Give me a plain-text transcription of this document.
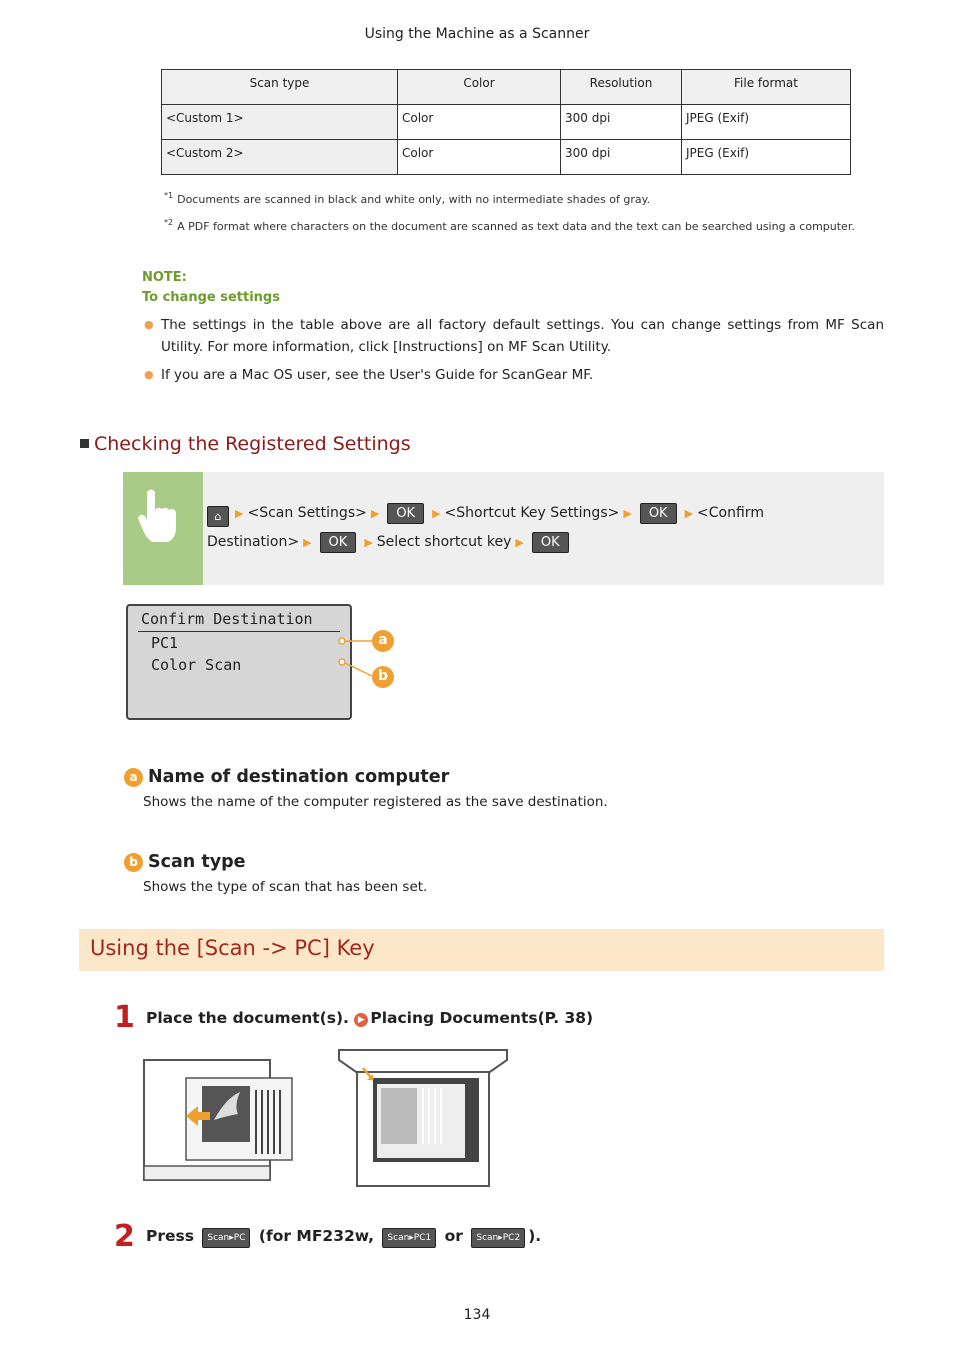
Using the Machine as a Scanner
Scan type	Color	Resolution	File format
<Custom 1>	Color	300 dpi	JPEG (Exif)
<Custom 2>	Color	300 dpi	JPEG (Exif)
$^{*1}$ Documents are scanned in black and white only, with no intermediate shades of gray.
$^{*2}$ A PDF format where characters on the document are scanned as text data and the text can be searched using a computer.
NOTE:
To change settings
● The settings in the table above are all factory default settings. You can change settings from MF Scan Utility. For more information, click [Instructions] on MF Scan Utility.
● If you are a Mac OS user, see the User's Guide for ScanGear MF.
Checking the Registered Settings
⌂ ▶ <Scan Settings> ▶ OK ▶ <Shortcut Key Settings> ▶ OK ▶ <Confirm
Destination> ▶ OK ▶ Select shortcut key ▶ OK
Confirm Destination
PC1
Color Scan
a
b
a Name of destination computer
Shows the name of the computer registered as the save destination.
b Scan type
Shows the type of scan that has been set.
Using the [Scan -> PC] Key
1 Place the document(s). ▶ Placing Documents(P. 38)
2 Press Scan▸PC (for MF232w, Scan▸PC1 or Scan▸PC2 ).
134
